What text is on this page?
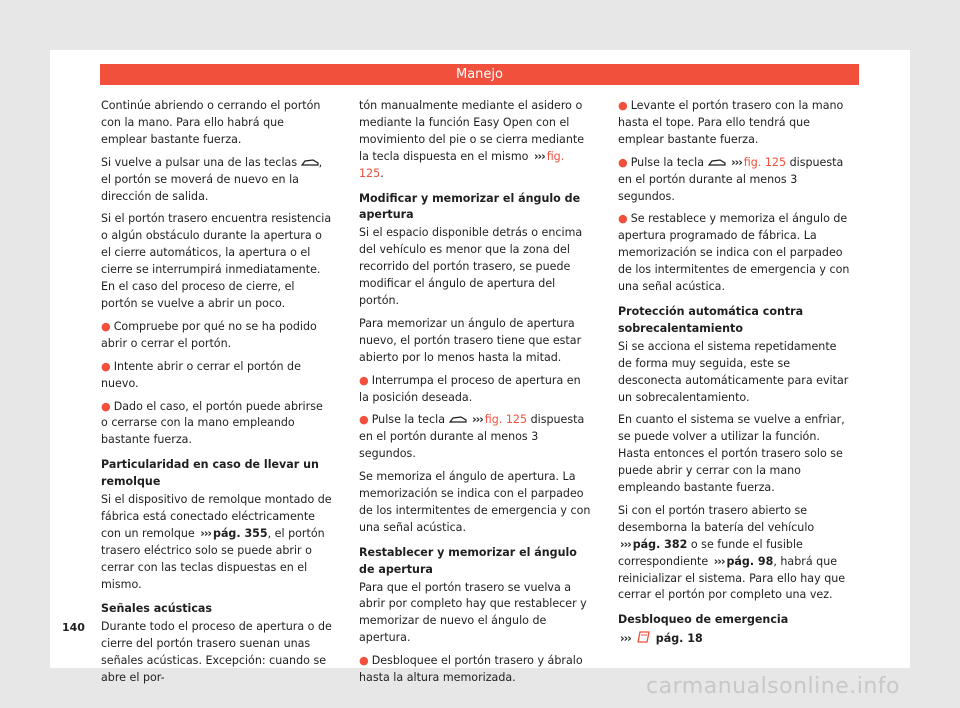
Manejo

Continúe abriendo o cerrando el portón con la mano. Para ello habrá que emplear bastante fuerza.

Si vuelve a pulsar una de las teclas , el portón se moverá de nuevo en la dirección de salida.

Si el portón trasero encuentra resistencia o algún obstáculo durante la apertura o el cierre automáticos, la apertura o el cierre se interrumpirá inmediatamente. En el caso del proceso de cierre, el portón se vuelve a abrir un poco.

● Compruebe por qué no se ha podido abrir o cerrar el portón.

● Intente abrir o cerrar el portón de nuevo.

● Dado el caso, el portón puede abrirse o cerrarse con la mano empleando bastante fuerza.

Particularidad en caso de llevar un remolque

Si el dispositivo de remolque montado de fábrica está conectado eléctricamente con un remolque ››› pág. 355, el portón trasero eléctrico solo se puede abrir o cerrar con las teclas dispuestas en el mismo.

Señales acústicas

Durante todo el proceso de apertura o de cierre del portón trasero suenan unas señales acústicas. Excepción: cuando se abre el por-

tón manualmente mediante el asidero o mediante la función Easy Open con el movimiento del pie o se cierra mediante la tecla dispuesta en el mismo ››› fig. 125.

Modificar y memorizar el ángulo de apertura

Si el espacio disponible detrás o encima del vehículo es menor que la zona del recorrido del portón trasero, se puede modificar el ángulo de apertura del portón.

Para memorizar un ángulo de apertura nuevo, el portón trasero tiene que estar abierto por lo menos hasta la mitad.

● Interrumpa el proceso de apertura en la posición deseada.

● Pulse la tecla ››› fig. 125 dispuesta en el portón durante al menos 3 segundos.

Se memoriza el ángulo de apertura. La memorización se indica con el parpadeo de los intermitentes de emergencia y con una señal acústica.

Restablecer y memorizar el ángulo de apertura

Para que el portón trasero se vuelva a abrir por completo hay que restablecer y memorizar de nuevo el ángulo de apertura.

● Desbloquee el portón trasero y ábralo hasta la altura memorizada.

● Levante el portón trasero con la mano hasta el tope. Para ello tendrá que emplear bastante fuerza.

● Pulse la tecla ››› fig. 125 dispuesta en el portón durante al menos 3 segundos.

● Se restablece y memoriza el ángulo de apertura programado de fábrica. La memorización se indica con el parpadeo de los intermitentes de emergencia y con una señal acústica.

Protección automática contra sobrecalentamiento

Si se acciona el sistema repetidamente de forma muy seguida, este se desconecta automáticamente para evitar un sobrecalentamiento.

En cuanto el sistema se vuelve a enfriar, se puede volver a utilizar la función. Hasta entonces el portón trasero solo se puede abrir y cerrar con la mano empleando bastante fuerza.

Si con el portón trasero abierto se desemborna la batería del vehículo ››› pág. 382 o se funde el fusible correspondiente ››› pág. 98, habrá que reinicializar el sistema. Para ello hay que cerrar el portón por completo una vez.

Desbloqueo de emergencia

››› pág. 18

140
carmanualsonline.info
